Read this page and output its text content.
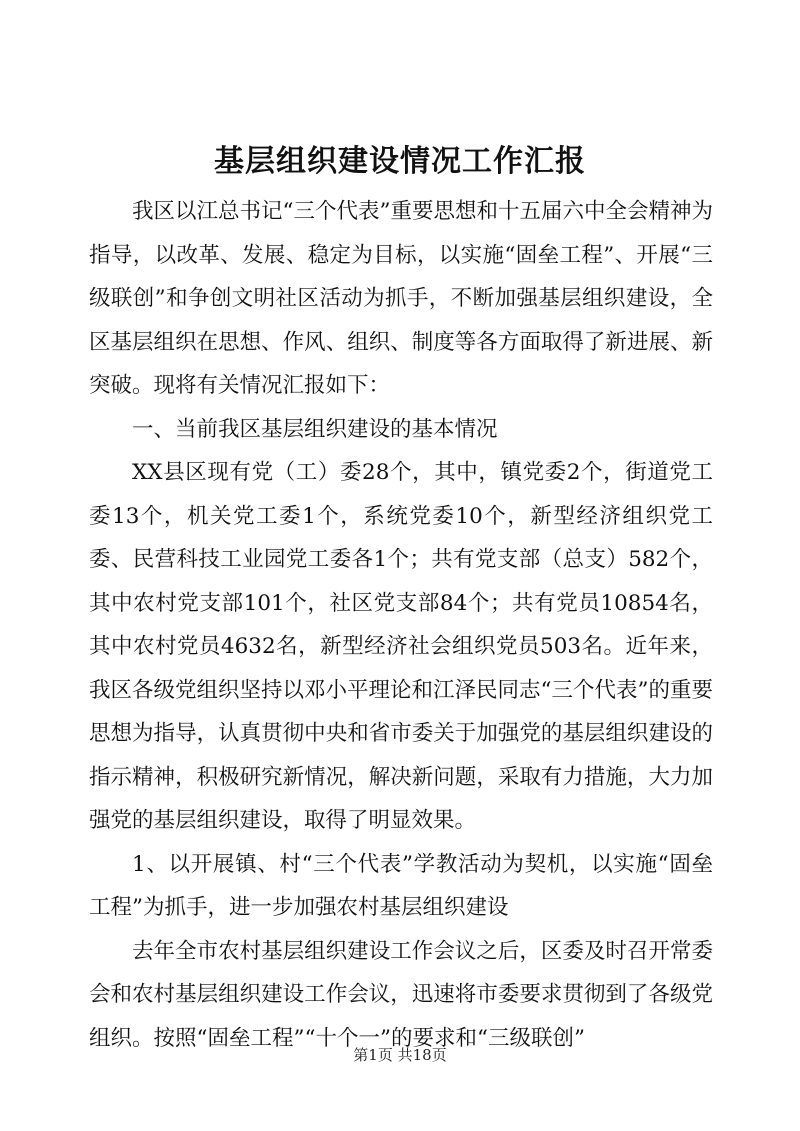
基层组织建设情况工作汇报

我区以江总书记“三个代表”重要思想和十五届六中全会精神为指导，以改革、发展、稳定为目标，以实施“固垒工程”、开展“三级联创”和争创文明社区活动为抓手，不断加强基层组织建设，全区基层组织在思想、作风、组织、制度等各方面取得了新进展、新突破。现将有关情况汇报如下：

一、当前我区基层组织建设的基本情况

XX县区现有党（工）委28个，其中，镇党委2个，街道党工委13个，机关党工委1个，系统党委10个，新型经济组织党工委、民营科技工业园党工委各1个；共有党支部（总支）582个，其中农村党支部101个，社区党支部84个；共有党员10854名，其中农村党员4632名，新型经济社会组织党员503名。近年来，我区各级党组织坚持以邓小平理论和江泽民同志“三个代表”的重要思想为指导，认真贯彻中央和省市委关于加强党的基层组织建设的指示精神，积极研究新情况，解决新问题，采取有力措施，大力加强党的基层组织建设，取得了明显效果。

1、以开展镇、村“三个代表”学教活动为契机，以实施“固垒工程”为抓手，进一步加强农村基层组织建设

去年全市农村基层组织建设工作会议之后，区委及时召开常委会和农村基层组织建设工作会议，迅速将市委要求贯彻到了各级党组织。按照“固垒工程”“十个一”的要求和“三级联创”

第1页 共18页
